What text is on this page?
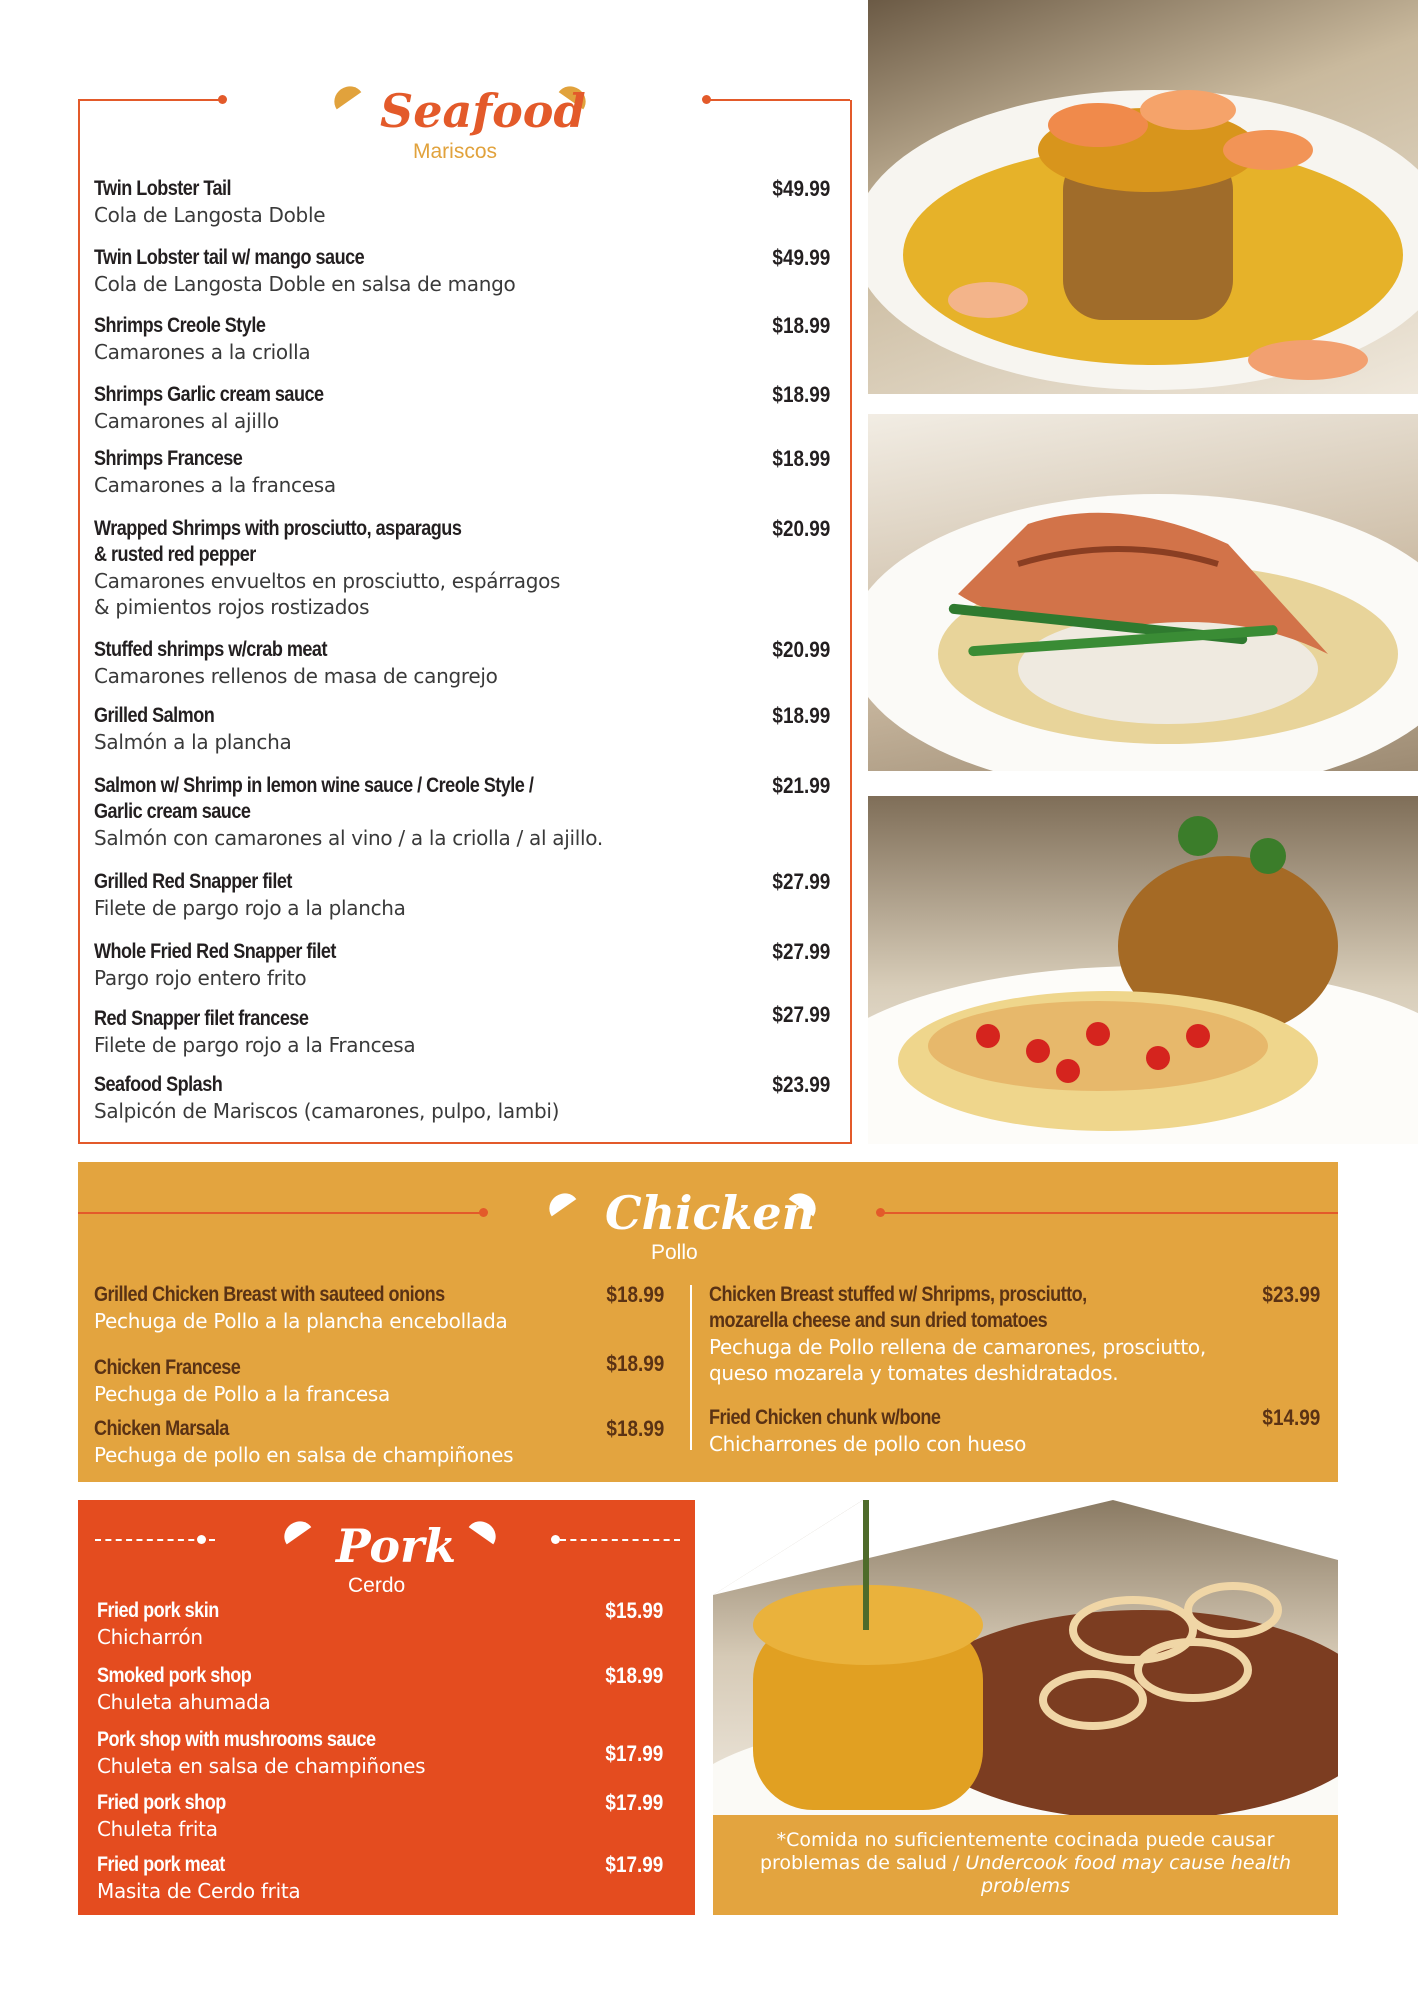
Seafood
Mariscos
Twin Lobster Tail
Cola de Langosta Doble
$49.99
Twin Lobster tail w/ mango sauce
Cola de Langosta Doble en salsa de mango
$49.99
Shrimps Creole Style
Camarones a la criolla
$18.99
Shrimps Garlic cream sauce
Camarones al ajillo
$18.99
Shrimps Francese
Camarones a la francesa
$18.99
Wrapped Shrimps with prosciutto, asparagus
& rusted red pepper
Camarones envueltos en prosciutto, espárragos
& pimientos rojos rostizados
$20.99
Stuffed shrimps w/crab meat
Camarones rellenos de masa de cangrejo
$20.99
Grilled Salmon
Salmón a la plancha
$18.99
Salmon w/ Shrimp in lemon wine sauce / Creole Style /
Garlic cream sauce
Salmón con camarones al vino / a la criolla / al ajillo.
$21.99
Grilled Red Snapper filet
Filete de pargo rojo a la plancha
$27.99
Whole Fried Red Snapper filet
Pargo rojo entero frito
$27.99
Red Snapper filet francese
Filete de pargo rojo a la Francesa
$27.99
Seafood Splash
Salpicón de Mariscos (camarones, pulpo, lambi)
$23.99
Chicken
Pollo
Grilled Chicken Breast with sauteed onions
Pechuga de Pollo a la plancha encebollada
$18.99
Chicken Francese
Pechuga de Pollo a la francesa
$18.99
Chicken Marsala
Pechuga de pollo en salsa de champiñones
$18.99
Chicken Breast stuffed w/ Shripms, prosciutto,
mozarella cheese and sun dried tomatoes
Pechuga de Pollo rellena de camarones, prosciutto,
queso mozarela y tomates deshidratados.
$23.99
Fried Chicken chunk w/bone
Chicharrones de pollo con hueso
$14.99
Pork
Cerdo
Fried pork skin
Chicharrón
$15.99
Smoked pork shop
Chuleta ahumada
$18.99
Pork shop with mushrooms sauce
Chuleta en salsa de champiñones	$17.99
Fried pork shop
Chuleta frita
$17.99
Fried pork meat
Masita de Cerdo frita
$17.99
*Comida no suficientemente cocinada puede causar
problemas de salud / Undercook food may cause health
problems
